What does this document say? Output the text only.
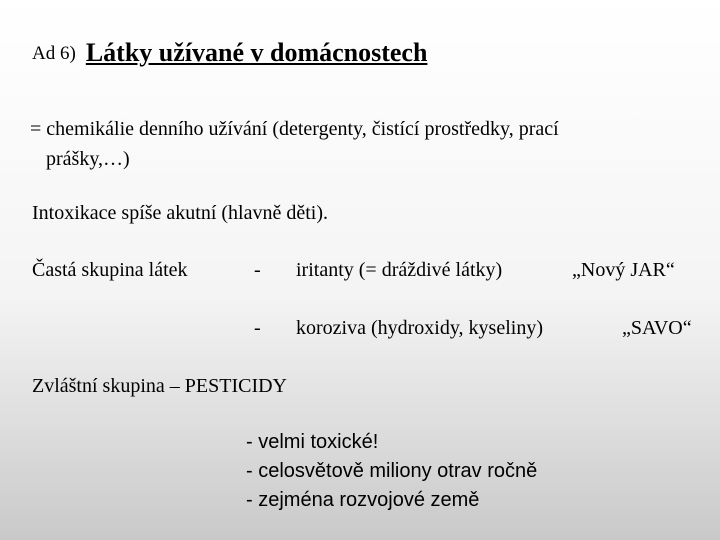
Ad 6) Látky užívané v domácnostech
= chemikálie denního užívání (detergenty, čistící prostředky, prací
prášky,…)
Intoxikace spíše akutní (hlavně děti).
Častá skupina látek	- iritanty (= dráždivé látky)	„Nový JAR“
- koroziva (hydroxidy, kyseliny)	„SAVO“
Zvláštní skupina – PESTICIDY
- velmi toxické!
- celosvětově miliony otrav ročně
- zejména rozvojové země
